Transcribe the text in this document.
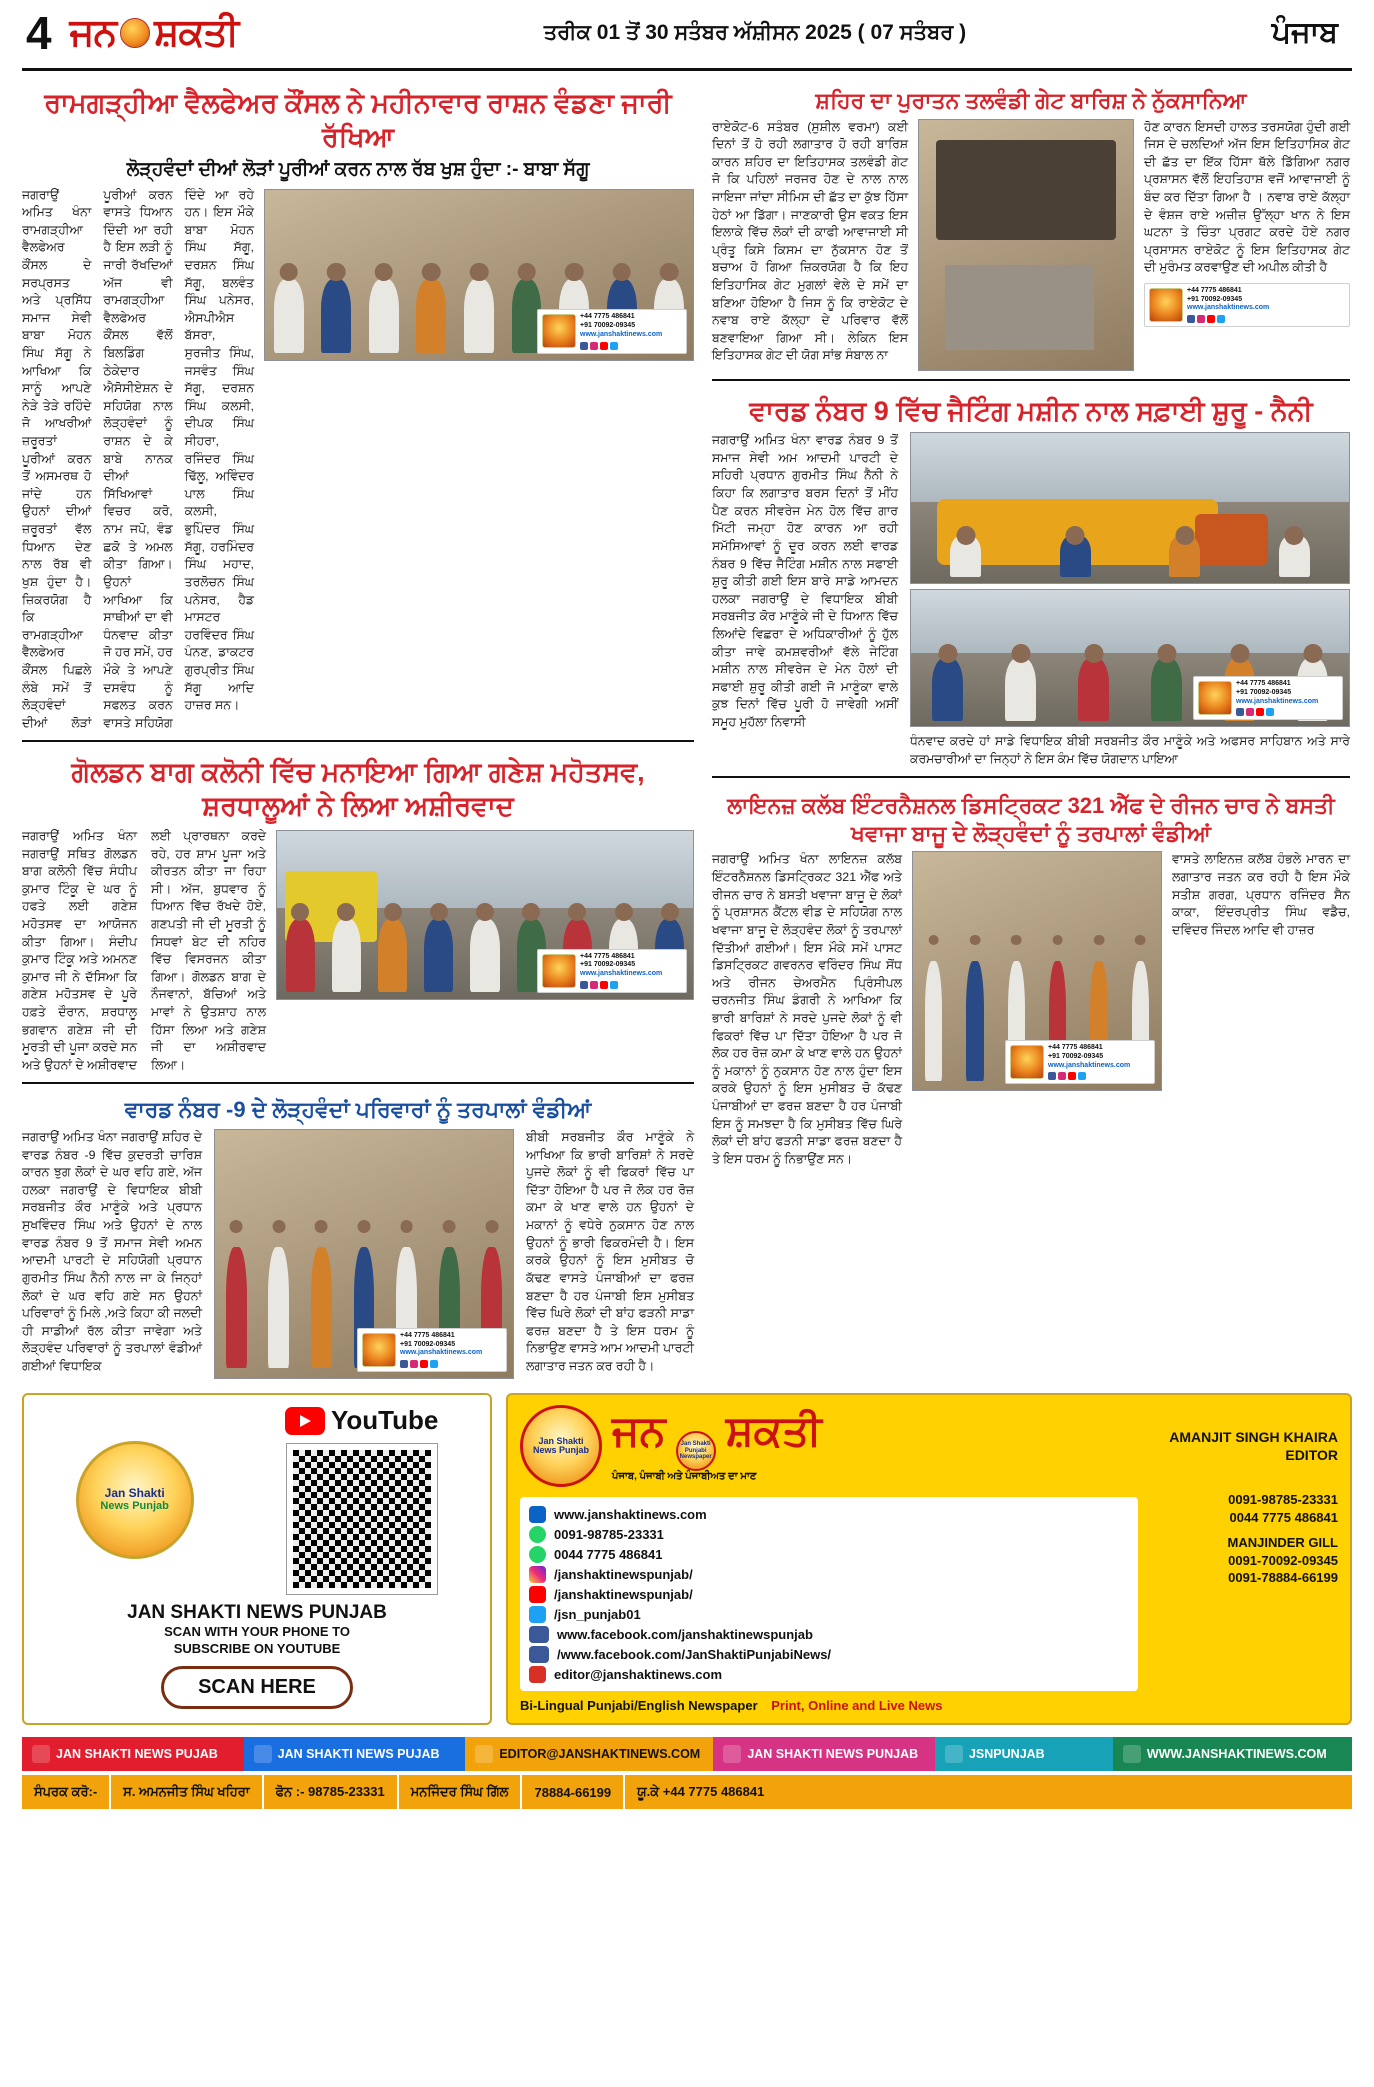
4 ਜਨ ਸ਼ਕਤੀ	ਤਰੀਕ 01 ਤੋਂ 30 ਸਤੰਬਰ ਅੱਸ਼ੀਸਨ 2025 ( 07 ਸਤੰਬਰ )	ਪੰਜਾਬ
ਰਾਮਗੜ੍ਹੀਆ ਵੈਲਫੇਅਰ ਕੌਂਸਲ ਨੇ ਮਹੀਨਾਵਾਰ ਰਾਸ਼ਨ ਵੰਡਣਾ ਜਾਰੀ ਰੱਖਿਆ
ਲੋੜ੍ਹਵੰਦਾਂ ਦੀਆਂ ਲੋੜਾਂ ਪੂਰੀਆਂ ਕਰਨ ਨਾਲ ਰੱਬ ਖੁਸ਼ ਹੁੰਦਾ :- ਬਾਬਾ ਸੱਗੂ
+44 7775 486841
+91 70092-09345
www.janshaktinews.com
ਜਗਰਾਉਂ ਅਮਿਤ ਖੰਨਾ ਰਾਮਗੜ੍ਹੀਆ ਵੈਲਫੇਅਰ ਕੌਂਸਲ ਦੇ ਸਰਪ੍ਰਸਤ ਅਤੇ ਪ੍ਰਸਿੱਧ ਸਮਾਜ ਸੇਵੀ ਬਾਬਾ ਮੋਹਨ ਸਿੰਘ ਸੱਗੂ ਨੇ ਆਖਿਆ ਕਿ ਸਾਨੂੰ ਆਪਣੇ ਨੇੜੇ ਤੇੜੇ ਰਹਿੰਦੇ ਜੋ ਆਖਰੀਆਂ ਜ਼ਰੂਰਤਾਂ ਪੂਰੀਆਂ ਕਰਨ ਤੋਂ ਅਸਮਰਥ ਹੋ ਜਾਂਦੇ ਹਨ ਉਹਨਾਂ ਦੀਆਂ ਜ਼ਰੂਰਤਾਂ ਵੱਲ ਧਿਆਨ ਦੇਣ ਨਾਲ ਰੱਬ ਵੀ ਖੁਸ਼ ਹੁੰਦਾ ਹੈ। ਜ਼ਿਕਰਯੋਗ ਹੈ ਕਿ ਰਾਮਗੜ੍ਹੀਆ ਵੈਲਫੇਅਰ ਕੌਂਸਲ ਪਿਛਲੇ ਲੰਬੇ ਸਮੇਂ ਤੋਂ ਲੋੜ੍ਹਵੰਦਾਂ ਦੀਆਂ ਲੋੜਾਂ ਪੂਰੀਆਂ ਕਰਨ ਵਾਸਤੇ ਧਿਆਨ ਦਿੰਦੀ ਆ ਰਹੀ ਹੈ ਇਸ ਲੜੀ ਨੂੰ ਜਾਰੀ ਰੱਖਦਿਆਂ ਅੱਜ ਵੀ ਰਾਮਗੜ੍ਹੀਆ ਵੈਲਫੇਅਰ ਕੌਂਸਲ ਵੱਲੋਂ ਬਿਲਡਿੰਗ ਠੇਕੇਦਾਰ ਐਸੋਸੀਏਸ਼ਨ ਦੇ ਸਹਿਯੋਗ ਨਾਲ ਲੋੜ੍ਹਵੰਦਾਂ ਨੂੰ ਰਾਸ਼ਨ ਦੇ ਕੇ ਬਾਬੇ ਨਾਨਕ ਦੀਆਂ ਸਿੱਖਿਆਵਾਂ ਵਿਚਰ ਕਰੋ, ਨਾਮ ਜਪੋ, ਵੰਡ ਛਕੋ ਤੇ ਅਮਲ ਕੀਤਾ ਗਿਆ। ਉਹਨਾਂ ਆਖਿਆ ਕਿ ਸਾਥੀਆਂ ਦਾ ਵੀ ਧੰਨਵਾਦ ਕੀਤਾ ਜੋ ਹਰ ਸਮੇਂ, ਹਰ ਮੌਕੇ ਤੇ ਆਪਣੇ ਦਸਵੰਧ ਨੂੰ ਸਫਲਤ ਕਰਨ ਵਾਸਤੇ ਸਹਿਯੋਗ ਦਿੰਦੇ ਆ ਰਹੇ ਹਨ। ਇਸ ਮੌਕੇ ਬਾਬਾ ਮੋਹਨ ਸਿੰਘ ਸੱਗੂ, ਦਰਸ਼ਨ ਸਿੰਘ ਸੱਗੂ, ਬਲਵੰਤ ਸਿੰਘ ਪਨੇਸਰ, ਐਸਪੀਐਸ ਬੱਸਰਾ, ਸੁਰਜੀਤ ਸਿੰਘ, ਜਸਵੰਤ ਸਿੰਘ ਸੱਗੂ, ਦਰਸ਼ਨ ਸਿੰਘ ਕਲਸੀ, ਦੀਪਕ ਸਿੰਘ ਸੀਹਰਾ, ਰਜਿੰਦਰ ਸਿੰਘ ਢਿੱਲੂ, ਅਵਿੰਦਰ ਪਾਲ ਸਿੰਘ ਕਲਸੀ, ਭੁਪਿੰਦਰ ਸਿੰਘ ਸੱਗੂ, ਹਰਮਿੰਦਰ ਸਿੰਘ ਮਹਾਦ, ਤਰਲੋਚਨ ਸਿੰਘ ਪਨੇਸਰ, ਹੈਡ ਮਾਸਟਰ ਹਰਵਿੰਦਰ ਸਿੰਘ ਪੰਨਣ, ਡਾਕਟਰ ਗੁਰਪ੍ਰੀਤ ਸਿੰਘ ਸੱਗੂ ਆਦਿ ਹਾਜ਼ਰ ਸਨ।
ਗੋਲਡਨ ਬਾਗ ਕਲੋਨੀ ਵਿੱਚ ਮਨਾਇਆ ਗਿਆ ਗਣੇਸ਼ ਮਹੋਤਸਵ, ਸ਼ਰਧਾਲੂਆਂ ਨੇ ਲਿਆ ਅਸ਼ੀਰਵਾਦ
+44 7775 486841
+91 70092-09345
www.janshaktinews.com
ਜਗਰਾਉਂ ਅਮਿਤ ਖੰਨਾ ਜਗਰਾਉਂ ਸਥਿਤ ਗੋਲਡਨ ਬਾਗ ਕਲੋਨੀ ਵਿੱਚ ਸੰਧੀਪ ਕੁਮਾਰ ਟਿੰਕੂ ਦੇ ਘਰ ਨੂੰ ਹਫਤੇ ਲਈ ਗਣੇਸ਼ ਮਹੋਤਸਵ ਦਾ ਆਯੋਜਨ ਕੀਤਾ ਗਿਆ। ਸੰਦੀਪ ਕੁਮਾਰ ਟਿੰਕੂ ਅਤੇ ਅਮਨਣ ਕੁਮਾਰ ਜੀ ਨੇ ਦੱਸਿਆ ਕਿ ਗਣੇਸ਼ ਮਹੋਤਸਵ ਦੇ ਪੂਰੇ ਹਫ਼ਤੇ ਦੌਰਾਨ, ਸ਼ਰਧਾਲੂ ਭਗਵਾਨ ਗਣੇਸ਼ ਜੀ ਦੀ ਮੂਰਤੀ ਦੀ ਪੂਜਾ ਕਰਦੇ ਸਨ ਅਤੇ ਉਹਨਾਂ ਦੇ ਅਸ਼ੀਰਵਾਦ ਲਈ ਪ੍ਰਾਰਥਨਾ ਕਰਦੇ ਰਹੇ, ਹਰ ਸ਼ਾਮ ਪੂਜਾ ਅਤੇ ਕੀਰਤਨ ਕੀਤਾ ਜਾ ਰਿਹਾ ਸੀ। ਅੱਜ, ਬੁਧਵਾਰ ਨੂੰ ਧਿਆਨ ਵਿੱਚ ਰੱਖਦੇ ਹੋਏ, ਗਣਪਤੀ ਜੀ ਦੀ ਮੂਰਤੀ ਨੂੰ ਸਿਧਵਾਂ ਬੇਟ ਦੀ ਨਹਿਰ ਵਿੱਚ ਵਿਸਰਜਨ ਕੀਤਾ ਗਿਆ। ਗੋਲਡਨ ਬਾਗ ਦੇ ਨੌਜਵਾਨਾਂ, ਬੱਚਿਆਂ ਅਤੇ ਮਾਵਾਂ ਨੇ ਉਤਸ਼ਾਹ ਨਾਲ ਹਿੱਸਾ ਲਿਆ ਅਤੇ ਗਣੇਸ਼ ਜੀ ਦਾ ਅਸ਼ੀਰਵਾਦ ਲਿਆ।
ਵਾਰਡ ਨੰਬਰ -9 ਦੇ ਲੋੜ੍ਹਵੰਦਾਂ ਪਰਿਵਾਰਾਂ ਨੂੰ ਤਰਪਾਲਾਂ ਵੰਡੀਆਂ
ਜਗਰਾਉਂ ਅਮਿਤ ਖੰਨਾ ਜਗਰਾਉਂ ਸ਼ਹਿਰ ਦੇ ਵਾਰਡ ਨੰਬਰ -9 ਵਿੱਚ ਕੁਦਰਤੀ ਚਾਰਿਸ਼ ਕਾਰਨ ਝੁਗ ਲੋਕਾਂ ਦੇ ਘਰ ਵਹਿ ਗਏ, ਅੱਜ ਹਲਕਾ ਜਗਰਾਉਂ ਦੇ ਵਿਧਾਇਕ ਬੀਬੀ ਸਰਬਜੀਤ ਕੌਰ ਮਾਣੂੰਕੇ ਅਤੇ ਪ੍ਰਧਾਨ ਸੁਖਵਿੰਦਰ ਸਿੰਘ ਅਤੇ ਉਹਨਾਂ ਦੇ ਨਾਲ ਵਾਰਡ ਨੰਬਰ 9 ਤੋਂ ਸਮਾਜ ਸੇਵੀ ਅਮਨ ਆਦਮੀ ਪਾਰਟੀ ਦੇ ਸਹਿਯੋਗੀ ਪ੍ਰਧਾਨ ਗੁਰਮੀਤ ਸਿੰਘ ਨੈਨੀ ਨਾਲ ਜਾ ਕੇ ਜਿਨ੍ਹਾਂ ਲੋਕਾਂ ਦੇ ਘਰ ਵਹਿ ਗਏ ਸਨ ਉਹਨਾਂ ਪਰਿਵਾਰਾਂ ਨੂੰ ਮਿਲੇ ,ਅਤੇ ਕਿਹਾ ਕੀ ਜਲਦੀ ਹੀ ਸਾਡੀਆਂ ਰੱਲ ਕੀਤਾ ਜਾਵੇਗਾ ਅਤੇ ਲੋੜ੍ਹਵੰਦ ਪਰਿਵਾਰਾਂ ਨੂੰ ਤਰਪਾਲਾਂ ਵੰਡੀਆਂ ਗਈਆਂ ਵਿਧਾਇਕ
+44 7775 486841
+91 70092-09345
www.janshaktinews.com
ਬੀਬੀ ਸਰਬਜੀਤ ਕੌਰ ਮਾਣੂੰਕੇ ਨੇ ਆਖਿਆ ਕਿ ਭਾਰੀ ਬਾਰਿਸ਼ਾਂ ਨੇ ਸਰਦੇ ਪੁਜਦੇ ਲੋਕਾਂ ਨੂੰ ਵੀ ਫਿਕਰਾਂ ਵਿੱਚ ਪਾ ਦਿੱਤਾ ਹੋਇਆ ਹੈ ਪਰ ਜੋ ਲੋਕ ਹਰ ਰੋਜ਼ ਕਮਾ ਕੇ ਖਾਣ ਵਾਲੇ ਹਨ ਉਹਨਾਂ ਦੇ ਮਕਾਨਾਂ ਨੂੰ ਵਧੇਰੇ ਨੁਕਸਾਨ ਹੋਣ ਨਾਲ ਉਹਨਾਂ ਨੂੰ ਭਾਰੀ ਫਿਕਰਮੰਦੀ ਹੈ। ਇਸ ਕਰਕੇ ਉਹਨਾਂ ਨੂੰ ਇਸ ਮੁਸੀਬਤ ਚੋ ਕੱਢਣ ਵਾਸਤੇ ਪੰਜਾਬੀਆਂ ਦਾ ਫਰਜ਼ ਬਣਦਾ ਹੈ ਹਰ ਪੰਜਾਬੀ ਇਸ ਮੁਸੀਬਤ ਵਿੱਚ ਘਿਰੇ ਲੋਕਾਂ ਦੀ ਬਾਂਹ ਫੜਨੀ ਸਾਡਾ ਫਰਜ਼ ਬਣਦਾ ਹੈ ਤੇ ਇਸ ਧਰਮ ਨੂੰ ਨਿਭਾਉਣ ਵਾਸਤੇ ਆਮ ਆਦਮੀ ਪਾਰਟੀ ਲਗਾਤਾਰ ਜਤਨ ਕਰ ਰਹੀ ਹੈ।
ਸ਼ਹਿਰ ਦਾ ਪੁਰਾਤਨ ਤਲਵੰਡੀ ਗੇਟ ਬਾਰਿਸ਼ ਨੇ ਨੁੱਕਸਾਨਿਆ
ਰਾਏਕੋਟ-6 ਸਤੰਬਰ (ਸੁਸ਼ੀਲ ਵਰਮਾ) ਕਈ ਦਿਨਾਂ ਤੋਂ ਹੋ ਰਹੀ ਲਗਾਤਾਰ ਹੋ ਰਹੀ ਬਾਰਿਸ਼ ਕਾਰਨ ਸ਼ਹਿਰ ਦਾ ਇਤਿਹਾਸਕ ਤਲਵੰਡੀ ਗੇਟ ਜੋ ਕਿ ਪਹਿਲਾਂ ਜਰਜਰ ਹੋਣ ਦੇ ਨਾਲ ਨਾਲ ਜਾਇਜਾ ਜਾਂਦਾ ਸੀਮਿਸ ਦੀ ਛੱਤ ਦਾ ਕੁੱਝ ਹਿੱਸਾ ਹੇਠਾਂ ਆ ਡਿੱਗਾ। ਜਾਣਕਾਰੀ ਉਸ ਵਕਤ ਇਸ ਇਲਾਕੇ ਵਿੱਚ ਲੋਕਾਂ ਦੀ ਕਾਫੀ ਆਵਾਜਾਈ ਸੀ ਪ੍ਰੰਤੂ ਕਿਸੇ ਕਿਸਮ ਦਾ ਨੁੱਕਸਾਨ ਹੋਣ ਤੋਂ ਬਚਾਅ ਹੋ ਗਿਆ ਜ਼ਿਕਰਯੋਗ ਹੈ ਕਿ ਇਹ ਇਤਿਹਾਸਿਕ ਗੇਟ ਮੁਗਲਾਂ ਵੇਲੇ ਦੇ ਸਮੇਂ ਦਾ ਬਣਿਆ ਹੋਇਆ ਹੈ ਜਿਸ ਨੂੰ ਕਿ ਰਾਏਕੋਟ ਦੇ ਨਵਾਬ ਰਾਏ ਕੱਲ੍ਹਾ ਦੇ ਪਰਿਵਾਰ ਵੱਲੋਂ ਬਣਵਾਇਆ ਗਿਆ ਸੀ। ਲੇਕਿਨ ਇਸ ਇਤਿਹਾਸਕ ਗੇਟ ਦੀ ਯੋਗ ਸਾਂਭ ਸੰਬਾਲ ਨਾ
ਹੋਣ ਕਾਰਨ ਇਸਦੀ ਹਾਲਤ ਤਰਸਯੋਗ ਹੁੰਦੀ ਗਈ ਜਿਸ ਦੇ ਚਲਦਿਆਂ ਅੱਜ ਇਸ ਇਤਿਹਾਸਿਕ ਗੇਟ ਦੀ ਛੱਤ ਦਾ ਇੱਕ ਹਿੱਸਾ ਥੱਲੇ ਡਿੱਗਿਆ ਨਗਰ ਪ੍ਰਸ਼ਾਸਨ ਵੱਲੋਂ ਇਹਤਿਹਾਸ਼ ਵਜੋਂ ਆਵਾਜਾਈ ਨੂੰ ਬੰਦ ਕਰ ਦਿੱਤਾ ਗਿਆ ਹੈ । ਨਵਾਬ ਰਾਏ ਕੱਲ੍ਹਾ ਦੇ ਵੰਸ਼ਜ ਰਾਏ ਅਜ਼ੀਜ਼ ਉੱਲ੍ਹਾ ਖਾਨ ਨੇ ਇਸ ਘਟਨਾ ਤੇ ਚਿੰਤਾ ਪ੍ਰਗਟ ਕਰਦੇ ਹੋਏ ਨਗਰ ਪ੍ਰਸਾਸਨ ਰਾਏਕੋਟ ਨੂੰ ਇਸ ਇਤਿਹਾਸਕ ਗੇਟ ਦੀ ਮੁਰੰਮਤ ਕਰਵਾਉਣ ਦੀ ਅਪੀਲ ਕੀਤੀ ਹੈ
+44 7775 486841
+91 70092-09345
www.janshaktinews.com
ਵਾਰਡ ਨੰਬਰ 9 ਵਿੱਚ ਜੈਟਿੰਗ ਮਸ਼ੀਨ ਨਾਲ ਸਫ਼ਾਈ ਸ਼ੁਰੂ - ਨੈਨੀ
ਜਗਰਾਉਂ ਅਮਿਤ ਖੰਨਾ ਵਾਰਡ ਨੰਬਰ 9 ਤੋਂ ਸਮਾਜ ਸੇਵੀ ਅਮ ਆਦਮੀ ਪਾਰਟੀ ਦੇ ਸਹਿਰੀ ਪ੍ਰਧਾਨ ਗੁਰਮੀਤ ਸਿੰਘ ਨੈਨੀ ਨੇ ਕਿਹਾ ਕਿ ਲਗਾਤਾਰ ਬਰਸ ਦਿਨਾਂ ਤੋਂ ਮੀਂਹ ਪੈਣ ਕਰਨ ਸੀਵਰੇਜ ਮੇਨ ਹੋਲ ਵਿੱਚ ਗਾਰ ਮਿੱਟੀ ਜਮ੍ਹਾ ਹੋਣ ਕਾਰਨ ਆ ਰਹੀ ਸਮੱਸਿਆਵਾਂ ਨੂੰ ਦੂਰ ਕਰਨ ਲਈ ਵਾਰਡ ਨੰਬਰ 9 ਵਿੱਚ ਜੈਟਿੰਗ ਮਸ਼ੀਨ ਨਾਲ ਸਫਾਈ ਸ਼ੁਰੂ ਕੀਤੀ ਗਈ ਇਸ ਬਾਰੇ ਸਾਡੇ ਆਮਦਨ ਹਲਕਾ ਜਗਰਾਉਂ ਦੇ ਵਿਧਾਇਕ ਬੀਬੀ ਸਰਬਜੀਤ ਕੋਰ ਮਾਣੂੰਕੇ ਜੀ ਦੇ ਧਿਆਨ ਵਿੱਚ ਲਿਆਂਦੇ ਵਿਛਰਾ ਦੇ ਅਧਿਕਾਰੀਆਂ ਨੂੰ ਹੁੱਲ ਕੀਤਾ ਜਾਵੇ ਕਮਸ਼ਵਰੀਆਂ ਵੱਲੇ ਜੇਟਿੰਗ ਮਸ਼ੀਨ ਨਾਲ ਸੀਵਰੇਜ ਦੇ ਮੇਨ ਹੋਲਾਂ ਦੀ ਸਫਾਈ ਸ਼ੁਰੂ ਕੀਤੀ ਗਈ ਜੋ ਮਾਣੂੰਕਾ ਵਾਲੇ ਕੁਝ ਦਿਨਾਂ ਵਿੱਚ ਪੂਰੀ ਹੋ ਜਾਵੇਗੀ ਅਸੀਂ ਸਮੂਹ ਮੁਹੱਲਾ ਨਿਵਾਸੀ
+44 7775 486841
+91 70092-09345
www.janshaktinews.com
ਧੰਨਵਾਦ ਕਰਦੇ ਹਾਂ ਸਾਡੇ ਵਿਧਾਇਕ ਬੀਬੀ ਸਰਬਜੀਤ ਕੌਰ ਮਾਣੂੰਕੇ ਅਤੇ ਅਫਸਰ ਸਾਹਿਬਾਨ ਅਤੇ ਸਾਰੇ ਕਰਮਚਾਰੀਆਂ ਦਾ ਜਿਨ੍ਹਾਂ ਨੇ ਇਸ ਕੰਮ ਵਿੱਚ ਯੋਗਦਾਨ ਪਾਇਆ
ਲਾਇਨਜ਼ ਕਲੱਬ ਇੰਟਰਨੈਸ਼ਨਲ ਡਿਸਟ੍ਰਿਕਟ 321 ਐੱਫ ਦੇ ਰੀਜਨ ਚਾਰ ਨੇ ਬਸਤੀ ਖਵਾਜਾ ਬਾਜੂ ਦੇ ਲੋੜ੍ਹਵੰਦਾਂ ਨੂੰ ਤਰਪਾਲਾਂ ਵੰਡੀਆਂ
ਜਗਰਾਉਂ ਅਮਿਤ ਖੰਨਾ ਲਾਇਨਜ਼ ਕਲੱਬ ਇੰਟਰਨੈਸ਼ਨਲ ਡਿਸਟ੍ਰਿਕਟ 321 ਐੱਫ ਅਤੇ ਰੀਜਨ ਚਾਰ ਨੇ ਬਸਤੀ ਖਵਾਜਾ ਬਾਜੂ ਦੇ ਲੋਕਾਂ ਨੂੰ ਪ੍ਰਸ਼ਾਸਨ ਕੈਂਟਲ ਵੀਡ ਦੇ ਸਹਿਯੋਗ ਨਾਲ ਖਵਾਜਾ ਬਾਜੂ ਦੇ ਲੋੜ੍ਹਵੰਦ ਲੋਕਾਂ ਨੂੰ ਤਰਪਾਲਾਂ ਦਿੱਤੀਆਂ ਗਈਆਂ। ਇਸ ਮੌਕੇ ਸਮੇਂ ਪਾਸਟ ਡਿਸਟ੍ਰਿਕਟ ਗਵਰਨਰ ਵਰਿੰਦਰ ਸਿੰਘ ਸੋਂਧ ਅਤੇ ਰੀਜਨ ਚੇਅਰਮੈਨ ਪ੍ਰਿੰਸੀਪਲ ਚਰਨਜੀਤ ਸਿੰਘ ਡੰਗਰੀ ਨੇ ਆਖਿਆ ਕਿ ਭਾਰੀ ਬਾਰਿਸ਼ਾਂ ਨੇ ਸਰਦੇ ਪੁਜਦੇ ਲੋਕਾਂ ਨੂੰ ਵੀ ਫਿਕਰਾਂ ਵਿੱਚ ਪਾ ਦਿੱਤਾ ਹੋਇਆ ਹੈ ਪਰ ਜੋ ਲੋਕ ਹਰ ਰੋਜ਼ ਕਮਾ ਕੇ ਖਾਣ ਵਾਲੇ ਹਨ ਉਹਨਾਂ ਨੂੰ ਮਕਾਨਾਂ ਨੂੰ ਨੁਕਸਾਨ ਹੋਣ ਨਾਲ ਹੁੰਦਾ ਇਸ ਕਰਕੇ ਉਹਨਾਂ ਨੂੰ ਇਸ ਮੁਸੀਬਤ ਚੋ ਕੱਢਣ ਪੰਜਾਬੀਆਂ ਦਾ ਫਰਜ਼ ਬਣਦਾ ਹੈ ਹਰ ਪੰਜਾਬੀ ਇਸ ਨੂੰ ਸਮਝਦਾ ਹੈ ਕਿ ਮੁਸੀਬਤ ਵਿੱਚ ਘਿਰੇ ਲੋਕਾਂ ਦੀ ਬਾਂਹ ਫੜਨੀ ਸਾਡਾ ਫਰਜ਼ ਬਣਦਾ ਹੈ ਤੇ ਇਸ ਧਰਮ ਨੂੰ ਨਿਭਾਉਂਣ ਸਨ।
+44 7775 486841
+91 70092-09345
www.janshaktinews.com
ਵਾਸਤੇ ਲਾਇਨਜ਼ ਕਲੱਬ ਹੰਭਲੇ ਮਾਰਨ ਦਾ ਲਗਾਤਾਰ ਜਤਨ ਕਰ ਰਹੀ ਹੈ ਇਸ ਮੌਕੇ ਸਤੀਸ਼ ਗਰਗ, ਪ੍ਰਧਾਨ ਰਜਿੰਦਰ ਸੈਨ ਕਾਕਾ, ਇੰਦਰਪ੍ਰੀਤ ਸਿੰਘ ਵਡੈਚ, ਦਵਿੰਦਰ ਜਿੰਦਲ ਆਦਿ ਵੀ ਹਾਜ਼ਰ
Jan Shakti
News Punjab
YouTube
JAN SHAKTI NEWS PUNJAB
SCAN WITH YOUR PHONE TO
SUBSCRIBE ON YOUTUBE
SCAN HERE
Jan Shakti
News Punjab ਜਨ Jan Shakti
Punjabi Newspaper
ਸ਼ਕਤੀ
ਪੰਜਾਬ, ਪੰਜਾਬੀ ਅਤੇ ਪੰਜਾਬੀਅਤ ਦਾ ਮਾਣ
AMANJIT SINGH KHAIRA
EDITOR
www.janshaktinews.com
0091-98785-23331
0044 7775 486841
/janshaktinewspunjab/
/janshaktinewspunjab/
/jsn_punjab01
www.facebook.com/janshaktinewspunjab
/www.facebook.com/JanShaktiPunjabiNews/
editor@janshaktinews.com
0091-98785-23331
0044 7775 486841
MANJINDER GILL
0091-70092-09345
0091-78884-66199
Bi-Lingual Punjabi/English Newspaper Print, Online and Live News
JAN SHAKTI NEWS PUJAB	JAN SHAKTI NEWS PUJAB	EDITOR@JANSHAKTINEWS.COM	JAN SHAKTI NEWS PUNJAB	JSNPUNJAB	WWW.JANSHAKTINEWS.COM
ਸੰਪਰਕ ਕਰੋ:-	ਸ. ਅਮਨਜੀਤ ਸਿੰਘ ਖਹਿਰਾ	ਫੋਨ :- 98785-23331	ਮਨਜਿੰਦਰ ਸਿੰਘ ਗਿੱਲ	78884-66199	ਯੂ.ਕੇ +44 7775 486841
